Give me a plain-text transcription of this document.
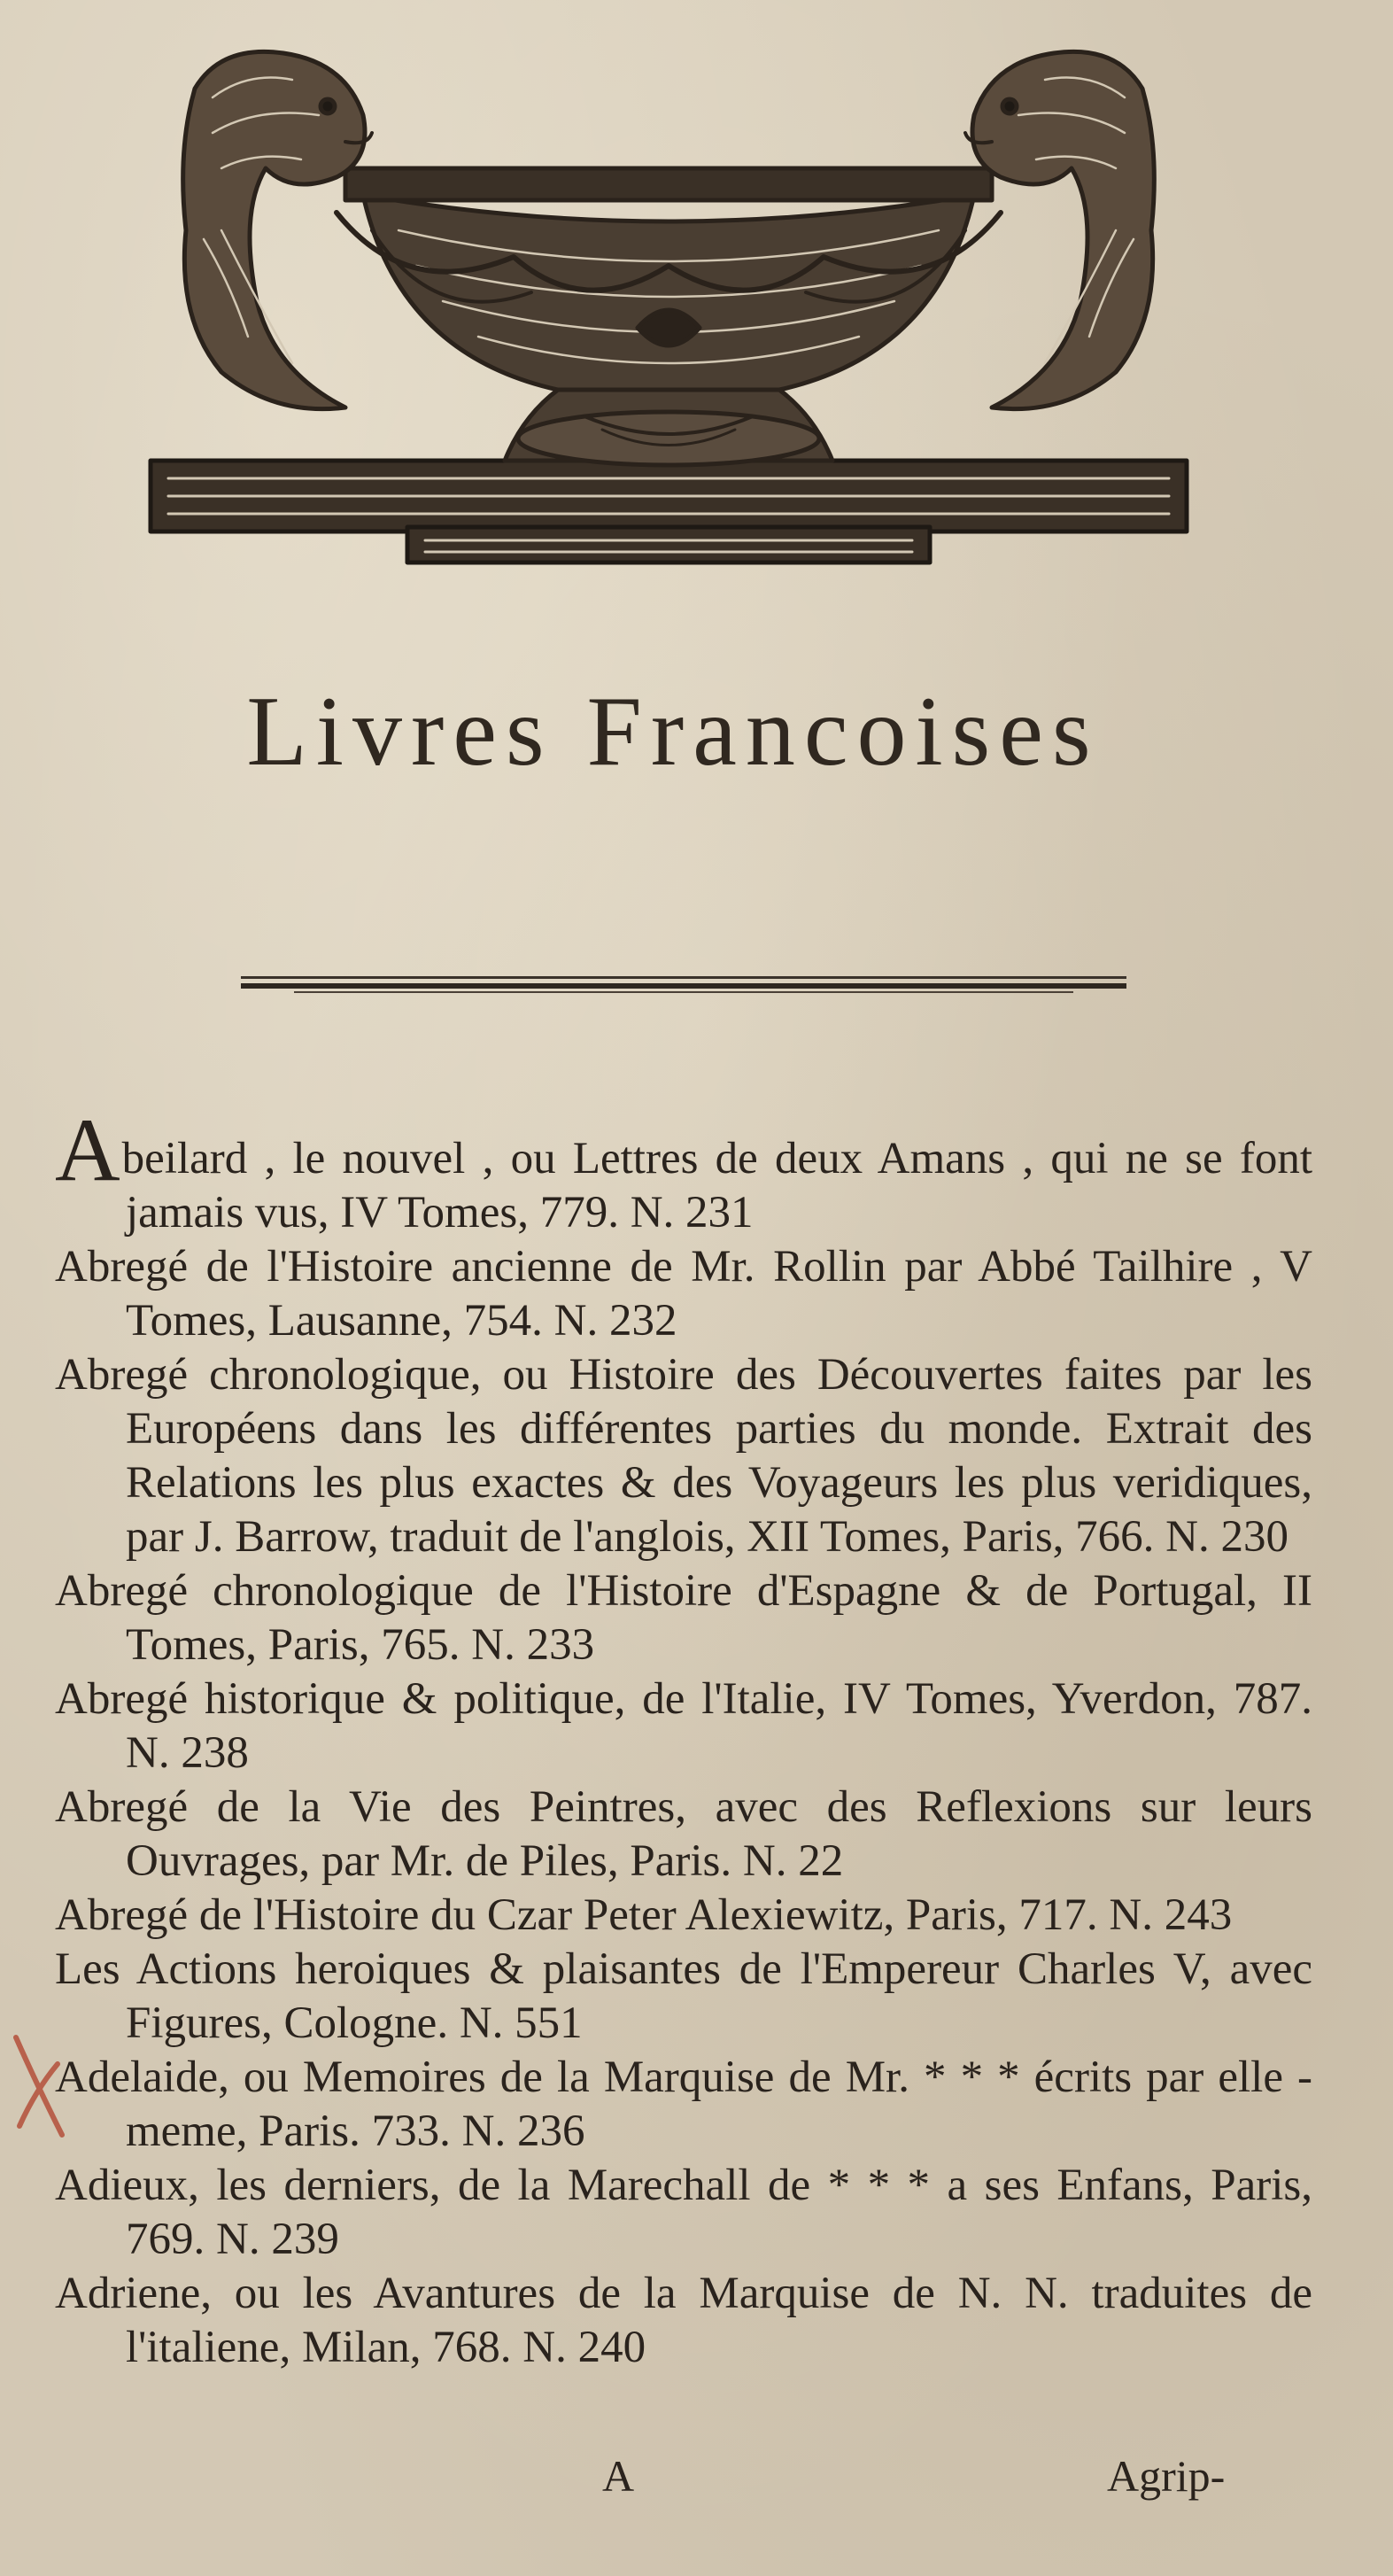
Livres Francoises

Abeilard , le nouvel , ou Lettres de deux Amans , qui ne se font jamais vus, IV Tomes, 779. N. 231

Abregé de l'Histoire ancienne de Mr. Rollin par Abbé Tailhire , V Tomes, Lausanne, 754. N. 232

Abregé chronologique, ou Histoire des Découvertes faites par les Européens dans les différentes parties du monde. Extrait des Relations les plus exactes & des Voyageurs les plus veridiques, par J. Barrow, traduit de l'anglois, XII Tomes, Paris, 766. N. 230

Abregé chronologique de l'Histoire d'Espagne & de Portugal, II Tomes, Paris, 765. N. 233

Abregé historique & politique, de l'Italie, IV Tomes, Yverdon, 787. N. 238

Abregé de la Vie des Peintres, avec des Reflexions sur leurs Ouvrages, par Mr. de Piles, Paris. N. 22

Abregé de l'Histoire du Czar Peter Alexiewitz, Paris, 717. N. 243

Les Actions heroiques & plaisantes de l'Empereur Charles V, avec Figures, Cologne. N. 551

Adelaide, ou Memoires de la Marquise de Mr. * * * écrits par elle - meme, Paris. 733. N. 236

Adieux, les derniers, de la Marechall de * * * a ses Enfans, Paris, 769. N. 239

Adriene, ou les Avantures de la Marquise de N. N. traduites de l'italiene, Milan, 768. N. 240

A	Agrip-
